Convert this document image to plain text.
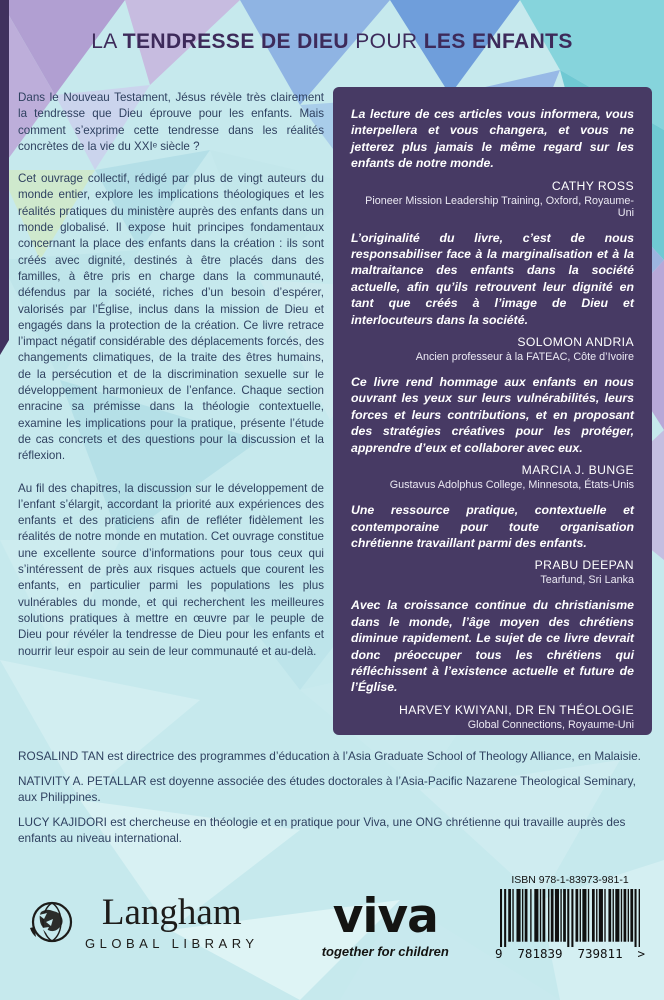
LA TENDRESSE DE DIEU POUR LES ENFANTS

Dans le Nouveau Testament, Jésus révèle très clairement la tendresse que Dieu éprouve pour les enfants. Mais comment s’exprime cette tendresse dans les réalités concrètes de la vie du XXIᵉ siècle ?

Cet ouvrage collectif, rédigé par plus de vingt auteurs du monde entier, explore les implications théologiques et les réalités pratiques du ministère auprès des enfants dans un monde globalisé. Il expose huit principes fondamentaux concernant la place des enfants dans la création : ils sont créés avec dignité, destinés à être placés dans des familles, à être pris en charge dans la communauté, défendus par la société, riches d’un besoin d’espérer, valorisés par l’Église, inclus dans la mission de Dieu et engagés dans la protection de la création. Ce livre retrace l’impact négatif considérable des déplacements forcés, des changements climatiques, de la traite des êtres humains, de la persécution et de la discrimination sexuelle sur le développement harmonieux de l’enfance. Chaque section enracine sa prémisse dans la théologie contextuelle, examine les implications pour la pratique, présente l’étude de cas concrets et des questions pour la discussion et la réflexion.

Au fil des chapitres, la discussion sur le développement de l’enfant s’élargit, accordant la priorité aux expériences des enfants et des praticiens afin de refléter fidèlement les réalités de notre monde en mutation. Cet ouvrage constitue une excellente source d’informations pour tous ceux qui s’intéressent de près aux risques actuels que courent les enfants, en particulier parmi les populations les plus vulnérables du monde, et qui recherchent les meilleures solutions pratiques à mettre en œuvre par le peuple de Dieu pour révéler la tendresse de Dieu pour les enfants et nourrir leur espoir au sein de leur communauté et au-delà.

La lecture de ces articles vous informera, vous interpellera et vous changera, et vous ne jetterez plus jamais le même regard sur les enfants de notre monde.
CATHY ROSS
Pioneer Mission Leadership Training, Oxford, Royaume-Uni
L’originalité du livre, c’est de nous responsabiliser face à la marginalisation et à la maltraitance des enfants dans la société actuelle, afin qu’ils retrouvent leur dignité en tant que créés à l’image de Dieu et interlocuteurs dans la société.
SOLOMON ANDRIA
Ancien professeur à la FATEAC, Côte d’Ivoire
Ce livre rend hommage aux enfants en nous ouvrant les yeux sur leurs vulnérabilités, leurs forces et leurs contributions, et en proposant des stratégies créatives pour les protéger, apprendre d’eux et collaborer avec eux.
MARCIA J. BUNGE
Gustavus Adolphus College, Minnesota, États-Unis
Une ressource pratique, contextuelle et contemporaine pour toute organisation chrétienne travaillant parmi des enfants.
PRABU DEEPAN
Tearfund, Sri Lanka
Avec la croissance continue du christianisme dans le monde, l’âge moyen des chrétiens diminue rapidement. Le sujet de ce livre devrait donc préoccuper tous les chrétiens qui réfléchissent à l’existence actuelle et future de l’Église.
HARVEY KWIYANI, DR EN THÉOLOGIE
Global Connections, Royaume-Uni

ROSALIND TAN est directrice des programmes d’éducation à l’Asia Graduate School of Theology Alliance, en Malaisie.

NATIVITY A. PETALLAR est doyenne associée des études doctorales à l’Asia-Pacific Nazarene Theological Seminary, aux Philippines.

LUCY KAJIDORI est chercheuse en théologie et en pratique pour Viva, une ONG chrétienne qui travaille auprès des enfants au niveau international.

Langham
GLOBAL LIBRARY viva
together for children
ISBN 978-1-83973-981-1
9 781839 739811 >
